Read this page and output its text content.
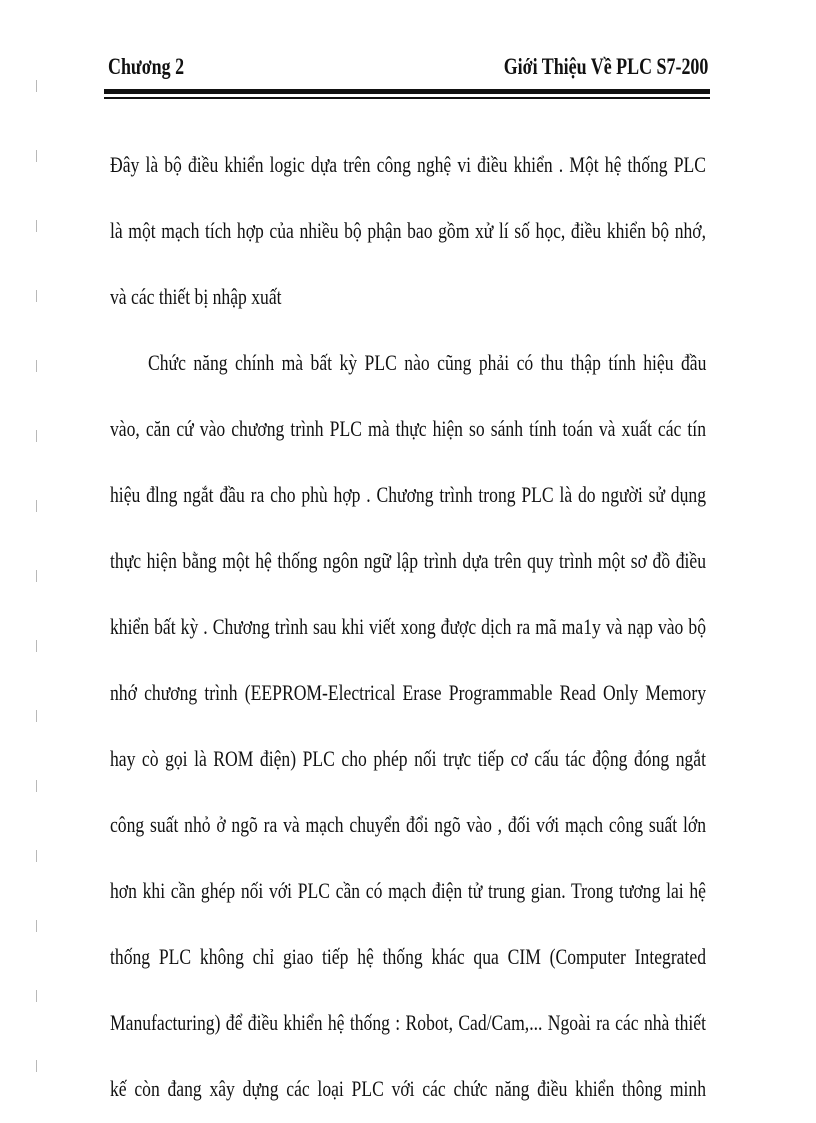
Chương 2	Giới Thiệu Về PLC S7-200
Đây là bộ điều khiển logic dựa trên công nghệ vi điều khiển . Một hệ thống PLC
là một mạch tích hợp của nhiều bộ phận bao gồm xử lí số học, điều khiển bộ nhớ,
và các thiết bị nhập xuất
Chức năng chính mà bất kỳ PLC nào cũng phải có thu thập tính hiệu đầu
vào, căn cứ vào chương trình PLC mà thực hiện so sánh tính toán và xuất các tín
hiệu đlng ngắt đầu ra cho phù hợp . Chương trình trong PLC là do người sử dụng
thực hiện bằng một hệ thống ngôn ngữ lập trình dựa trên quy trình một sơ đồ điều
khiển bất kỳ . Chương trình sau khi viết xong được dịch ra mã ma1y và nạp vào bộ
nhớ chương trình (EEPROM-Electrical Erase Programmable Read Only Memory
hay cò gọi là ROM điện) PLC cho phép nối trực tiếp cơ cấu tác động đóng ngắt
công suất nhỏ ở ngõ ra và mạch chuyển đổi ngõ vào , đối với mạch công suất lớn
hơn khi cần ghép nối với PLC cần có mạch điện tử trung gian. Trong tương lai hệ
thống PLC không chỉ giao tiếp hệ thống khác qua CIM (Computer Integrated
Manufacturing) để điều khiển hệ thống : Robot, Cad/Cam,... Ngoài ra các nhà thiết
kế còn đang xây dựng các loại PLC với các chức năng điều khiển thông minh
